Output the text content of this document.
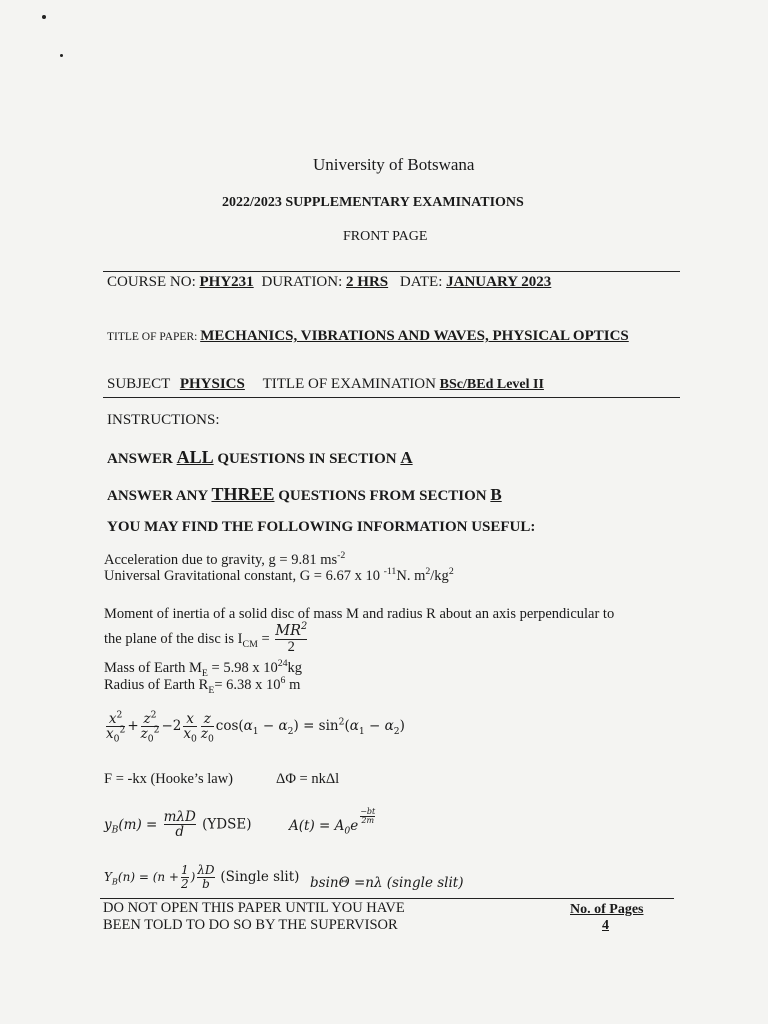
University of Botswana
2022/2023 SUPPLEMENTARY EXAMINATIONS
FRONT PAGE
COURSE NO: PHY231 DURATION: 2 HRS DATE: JANUARY 2023
TITLE OF PAPER: MECHANICS, VIBRATIONS AND WAVES, PHYSICAL OPTICS
SUBJECT PHYSICS TITLE OF EXAMINATION BSc/BEd Level II
INSTRUCTIONS:
ANSWER ALL QUESTIONS IN SECTION A
ANSWER ANY THREE QUESTIONS FROM SECTION B
YOU MAY FIND THE FOLLOWING INFORMATION USEFUL:
Acceleration due to gravity, g = 9.81 $ms^{-2}$
Universal Gravitational constant, G = 6.67 x 10 $^{-11}$N. $m^2/kg^2$
Moment of inertia of a solid disc of mass M and radius R about an axis perpendicular to
the plane of the disc is $I_{CM} = \frac{MR^2}{2}$
Mass of Earth $M_E = 5.98$ x $10^{24}kg$
Radius of Earth $R_E= 6.38$ x $10^6$ m
$\frac{x^2}{x_0^2} + \frac{z^2}{z_0^2} -2 \frac{x}{x_0} \frac{z}{z_0} \cos(\alpha_1 - \alpha_2) = \sin^2(\alpha_1 - \alpha_2)$
F = -kx (Hooke’s law)	ΔΦ = nkΔl
$y_B(m) = \frac{\text{mλD}}{d}$ (YDSE)	$A(t) = A_0e$
$\frac{-bt}{2m}$
$Y_B(n) = (n + \frac{1}{2}$ ) $\frac{\lambda D}{b}$ (Single slit) bsinΘ =nλ (single slit)
DO NOT OPEN THIS PAPER UNTIL YOU HAVE
BEEN TOLD TO DO SO BY THE SUPERVISOR
No. of Pages
4
